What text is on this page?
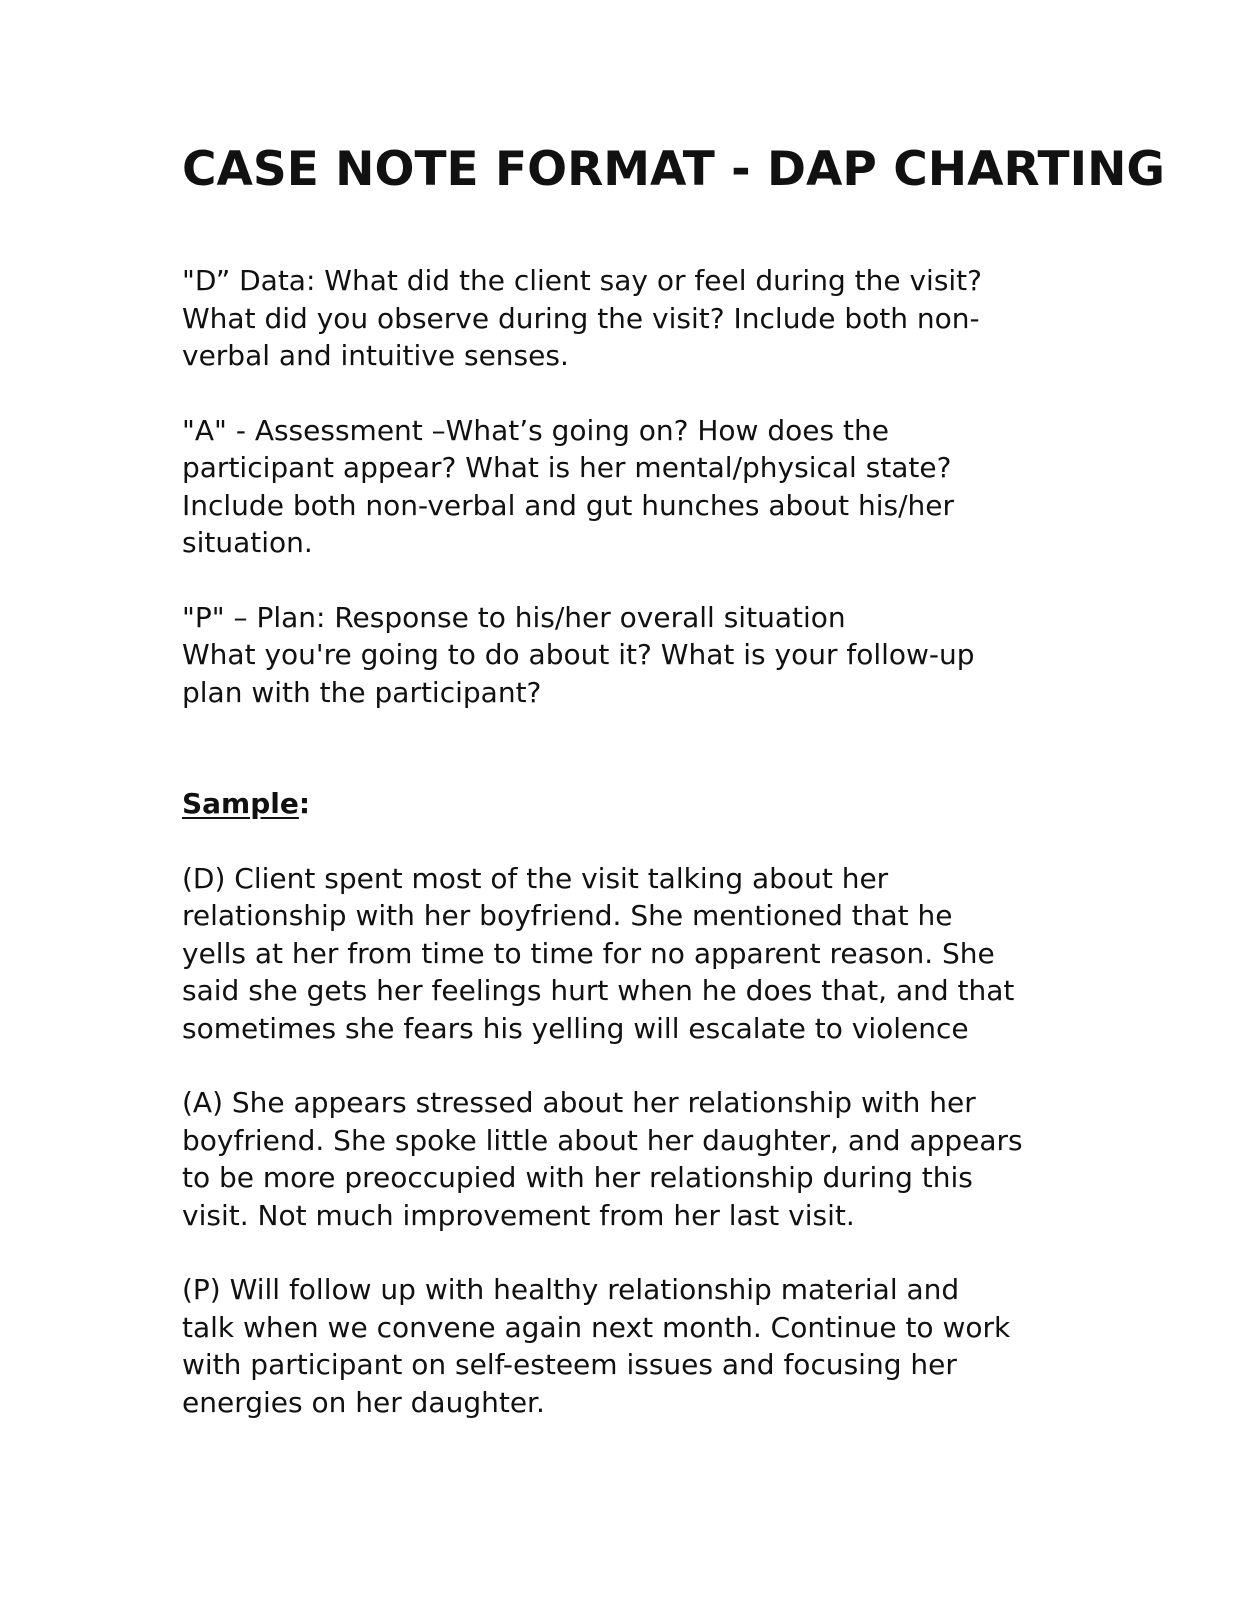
CASE NOTE FORMAT - DAP CHARTING

"D” Data: What did the client say or feel during the visit?
What did you observe during the visit? Include both non-
verbal and intuitive senses.

"A" - Assessment –What’s going on? How does the
participant appear? What is her mental/physical state?
Include both non-verbal and gut hunches about his/her
situation.

"P" – Plan: Response to his/her overall situation
What you're going to do about it? What is your follow-up
plan with the participant?

Sample:

(D) Client spent most of the visit talking about her
relationship with her boyfriend. She mentioned that he
yells at her from time to time for no apparent reason. She
said she gets her feelings hurt when he does that, and that
sometimes she fears his yelling will escalate to violence

(A) She appears stressed about her relationship with her
boyfriend. She spoke little about her daughter, and appears
to be more preoccupied with her relationship during this
visit. Not much improvement from her last visit.

(P) Will follow up with healthy relationship material and
talk when we convene again next month. Continue to work
with participant on self-esteem issues and focusing her
energies on her daughter.
